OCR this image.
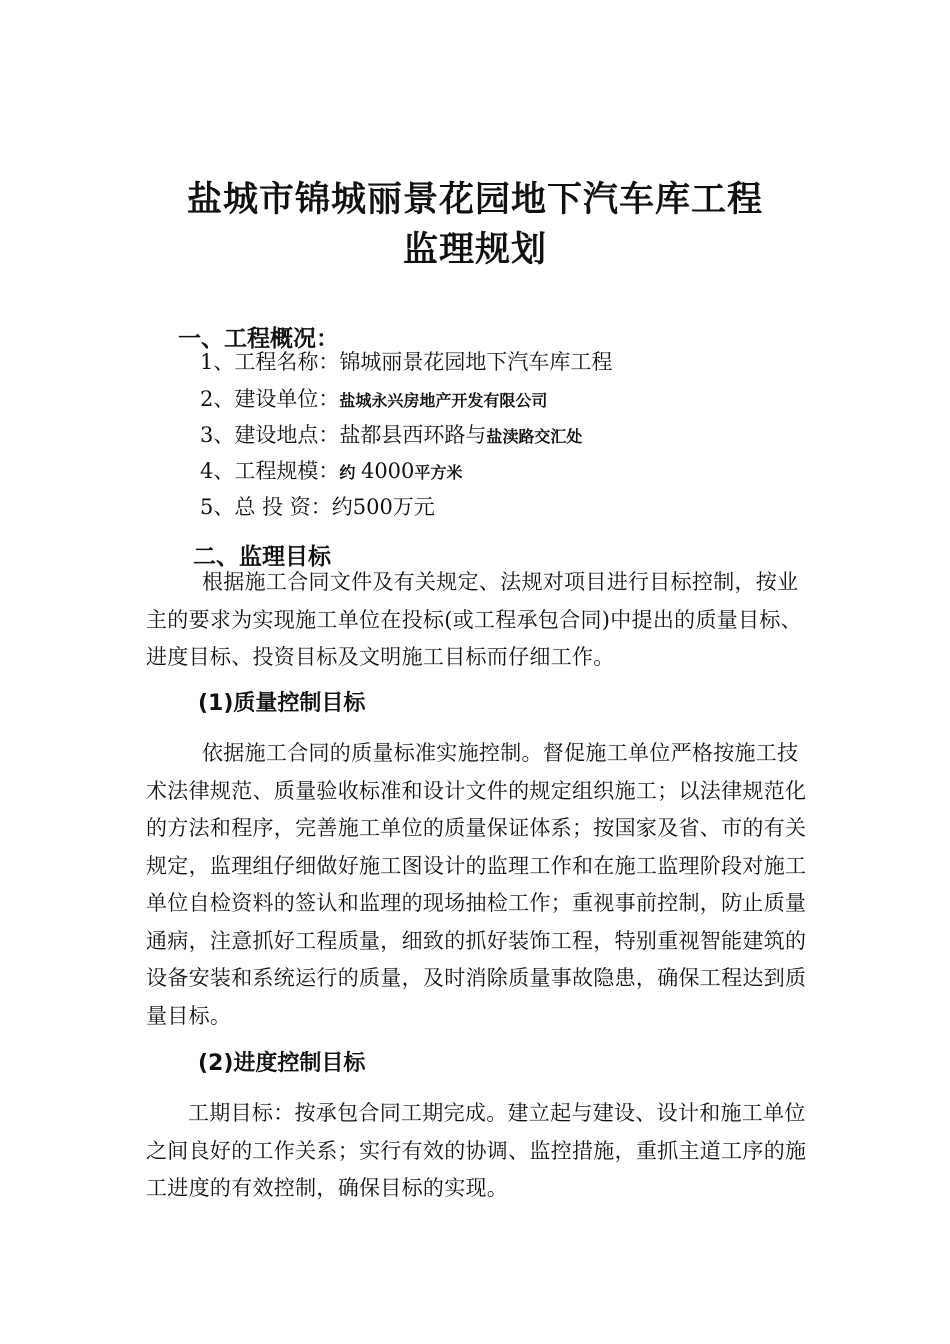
盐城市锦城丽景花园地下汽车库工程
监理规划
一、工程概况：
1、工程名称：锦城丽景花园地下汽车库工程
2、建设单位：盐城永兴房地产开发有限公司
3、建设地点：盐都县西环路与盐渎路交汇处
4、工程规模：约 4000平方米
5、总 投 资：约500万元
二、监理目标
根据施工合同文件及有关规定、法规对项目进行目标控制，按业主的要求为实现施工单位在投标(或工程承包合同)中提出的质量目标、进度目标、投资目标及文明施工目标而仔细工作。
(1)质量控制目标
依据施工合同的质量标准实施控制。督促施工单位严格按施工技术法律规范、质量验收标准和设计文件的规定组织施工；以法律规范化的方法和程序，完善施工单位的质量保证体系；按国家及省、市的有关规定，监理组仔细做好施工图设计的监理工作和在施工监理阶段对施工单位自检资料的签认和监理的现场抽检工作；重视事前控制，防止质量通病，注意抓好工程质量，细致的抓好装饰工程，特别重视智能建筑的设备安装和系统运行的质量，及时消除质量事故隐患，确保工程达到质量目标。
(2)进度控制目标
工期目标：按承包合同工期完成。建立起与建设、设计和施工单位之间良好的工作关系；实行有效的协调、监控措施，重抓主道工序的施工进度的有效控制，确保目标的实现。
